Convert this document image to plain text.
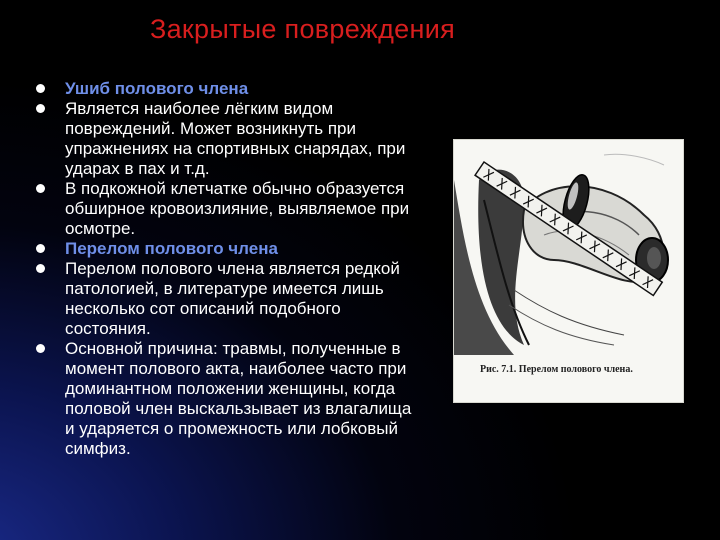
Закрытые повреждения
Ушиб полового члена
Является наиболее лёгким видом повреждений. Может возникнуть при упражнениях на спортивных снарядах, при ударах в пах и т.д.
В подкожной клетчатке обычно образуется обширное кровоизлияние, выявляемое при осмотре.
Перелом полового члена
Перелом полового члена является редкой патологией, в литературе имеется лишь несколько сот описаний подобного состояния.
Основной причина: травмы, полученные в момент полового акта, наиболее часто при доминантном положении женщины, когда половой член выскальзывает из влагалища и ударяется о промежность или лобковый симфиз.
Рис. 7.1. Перелом полового члена.
